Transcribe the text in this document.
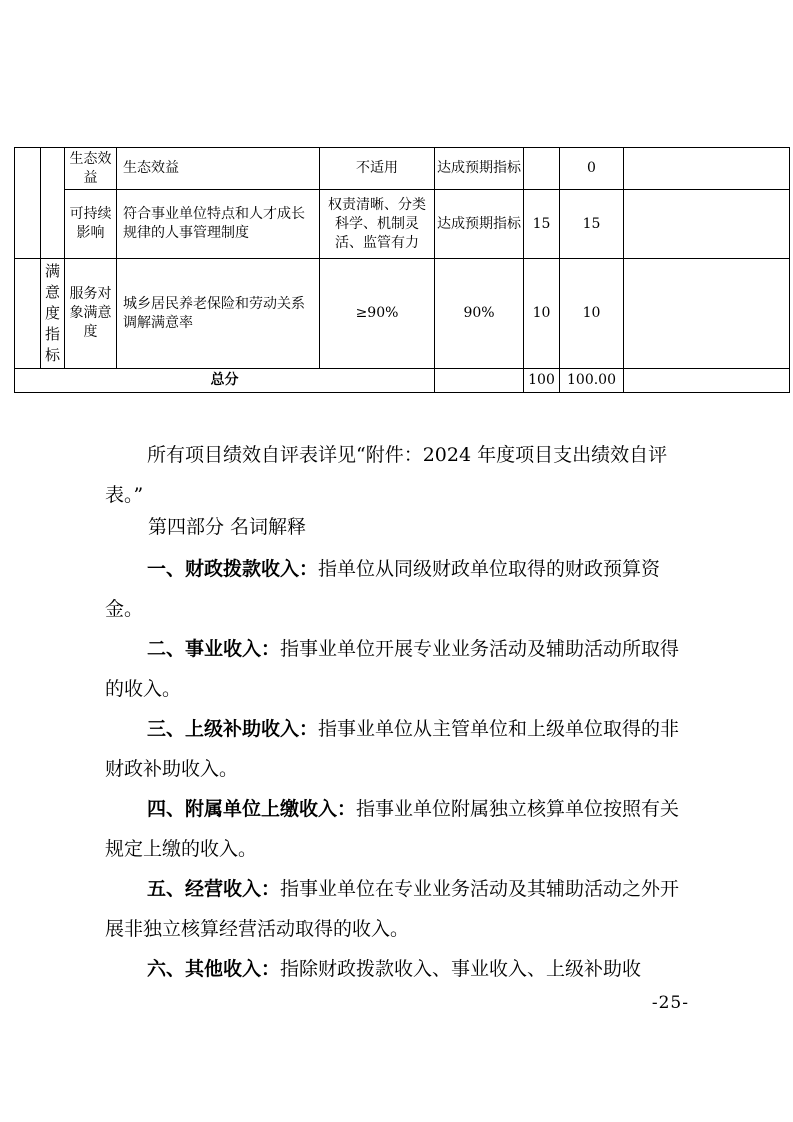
		生态效益	生态效益	不适用	达成预期指标		0	
		可持续影响	符合事业单位特点和人才成长规律的人事管理制度	权责清晰、分类科学、机制灵活、监管有力	达成预期指标	15	15	

	满意度指标	服务对象满意度	城乡居民养老保险和劳动关系调解满意率	≥90%	90%	10	10	
总分						100	100.00	
所有项目绩效自评表详见“附件：2024 年度项目支出绩效自评表。”
第四部分 名词解释
一、财政拨款收入：指单位从同级财政单位取得的财政预算资金。
二、事业收入：指事业单位开展专业业务活动及辅助活动所取得的收入。
三、上级补助收入：指事业单位从主管单位和上级单位取得的非财政补助收入。
四、附属单位上缴收入：指事业单位附属独立核算单位按照有关规定上缴的收入。
五、经营收入：指事业单位在专业业务活动及其辅助活动之外开展非独立核算经营活动取得的收入。
六、其他收入：指除财政拨款收入、事业收入、上级补助收
-25-
